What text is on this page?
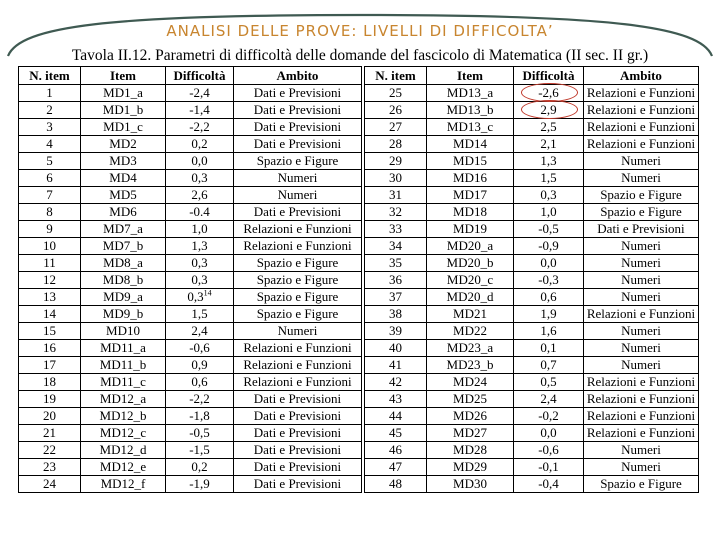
ANALISI DELLE PROVE: LIVELLI DI DIFFICOLTA’
Tavola II.12. Parametri di difficoltà delle domande del fascicolo di Matematica (II sec. II gr.)
N. item	Item	Difficoltà	Ambito		N. item	Item	Difficoltà	Ambito
1	MD1_a	-2,4	Dati e Previsioni		25	MD13_a	-2,6	Relazioni e Funzioni
2	MD1_b	-1,4	Dati e Previsioni		26	MD13_b	2,9	Relazioni e Funzioni
3	MD1_c	-2,2	Dati e Previsioni		27	MD13_c	2,5	Relazioni e Funzioni
4	MD2	0,2	Dati e Previsioni		28	MD14	2,1	Relazioni e Funzioni
5	MD3	0,0	Spazio e Figure		29	MD15	1,3	Numeri
6	MD4	0,3	Numeri		30	MD16	1,5	Numeri
7	MD5	2,6	Numeri		31	MD17	0,3	Spazio e Figure
8	MD6	-0.4	Dati e Previsioni		32	MD18	1,0	Spazio e Figure
9	MD7_a	1,0	Relazioni e Funzioni		33	MD19	-0,5	Dati e Previsioni
10	MD7_b	1,3	Relazioni e Funzioni		34	MD20_a	-0,9	Numeri
11	MD8_a	0,3	Spazio e Figure		35	MD20_b	0,0	Numeri
12	MD8_b	0,3	Spazio e Figure		36	MD20_c	-0,3	Numeri
13	MD9_a	$0,3^{14}$	Spazio e Figure		37	MD20_d	0,6	Numeri
14	MD9_b	1,5	Spazio e Figure		38	MD21	1,9	Relazioni e Funzioni
15	MD10	2,4	Numeri		39	MD22	1,6	Numeri
16	MD11_a	-0,6	Relazioni e Funzioni		40	MD23_a	0,1	Numeri
17	MD11_b	0,9	Relazioni e Funzioni		41	MD23_b	0,7	Numeri
18	MD11_c	0,6	Relazioni e Funzioni		42	MD24	0,5	Relazioni e Funzioni
19	MD12_a	-2,2	Dati e Previsioni		43	MD25	2,4	Relazioni e Funzioni
20	MD12_b	-1,8	Dati e Previsioni		44	MD26	-0,2	Relazioni e Funzioni
21	MD12_c	-0,5	Dati e Previsioni		45	MD27	0,0	Relazioni e Funzioni
22	MD12_d	-1,5	Dati e Previsioni		46	MD28	-0,6	Numeri
23	MD12_e	0,2	Dati e Previsioni		47	MD29	-0,1	Numeri
24	MD12_f	-1,9	Dati e Previsioni		48	MD30	-0,4	Spazio e Figure
